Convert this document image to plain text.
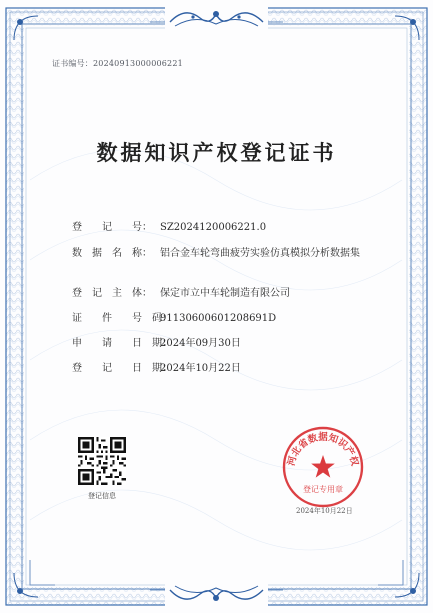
证书编号：20240913000006221
数据知识产权登记证书
登　　记　　号： SZ2024120006221.0
数　据　名　称： 铝合金车轮弯曲疲劳实验仿真模拟分析数据集
登　记　主　体： 保定市立中车轮制造有限公司
证　　件　　号　码：
91130600601208691D
申　　请　　日　期：
2024年09月30日
登　　记　　日　期：
2024年10月22日
登记信息
河北省数据知识产权
登记专用章
2024年10月22日
